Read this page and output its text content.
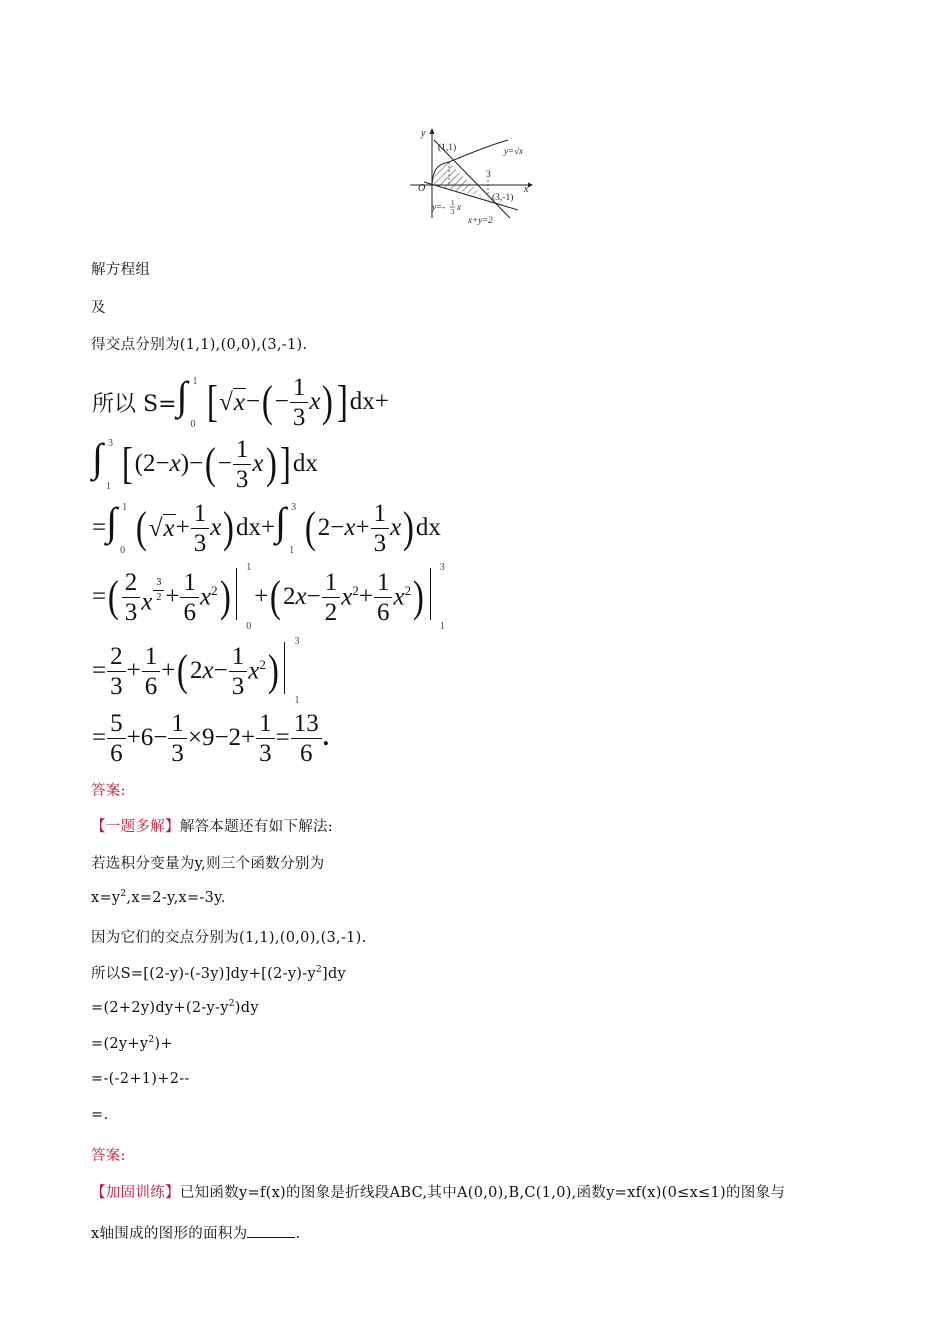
y
x
O
(1,1)	y=√x
3
(3,-1)
y=- 1
3 x
x+y=2
解方程组
及
得交点分别为(1,1),(0,0),(3,-1).
所以 S= ∫ 1
0 [ √x − ( − $\frac{1}{3}$ x ) ] dx +
∫ 3
1 [ (2−x) − ( − $\frac{1}{3}$ x ) ] dx
= ∫ 1
0 ( $√x + \frac{1}{3}$ x ) dx + ∫ 3
1 ( $2 - x + \frac{1}{3}$ x ) dx
= ( $\frac{2}{3}$ x $\frac{3}{2} + \frac{1}{6} x^2$ )
1
0
+ ( 2 $x - \frac{1}{2} x^2 + \frac{1}{6} x^2$ )
3
1
= $\frac{2}{3} + \frac{1}{6}$ + ( 2 $x - \frac{1}{3} x^2$ )
3
1
= $\frac{5}{6} + 6 - \frac{1}{3} \times 9 - 2 + \frac{1}{3} = \frac{13}{6}$ .
答案:
【一题多解】解答本题还有如下解法:
若选积分变量为y,则三个函数分别为
$x=y^2,x=2-y,x=-3y$.
因为它们的交点分别为(1,1),(0,0),(3,-1).
所以$S=[(2-y)-(-3y)]dy+[(2-y)-y^2]dy$
$=(2+2y)dy+(2-y-y^2)dy$
$=(2y+y^2)+$
=-(-2+1)+2--
=.
答案:
【加固训练】已知函数y=f(x)的图象是折线段ABC,其中A(0,0),B,C(1,0),函数y=xf(x)(0≤x≤1)的图象与
x轴围成的图形的面积为	.
